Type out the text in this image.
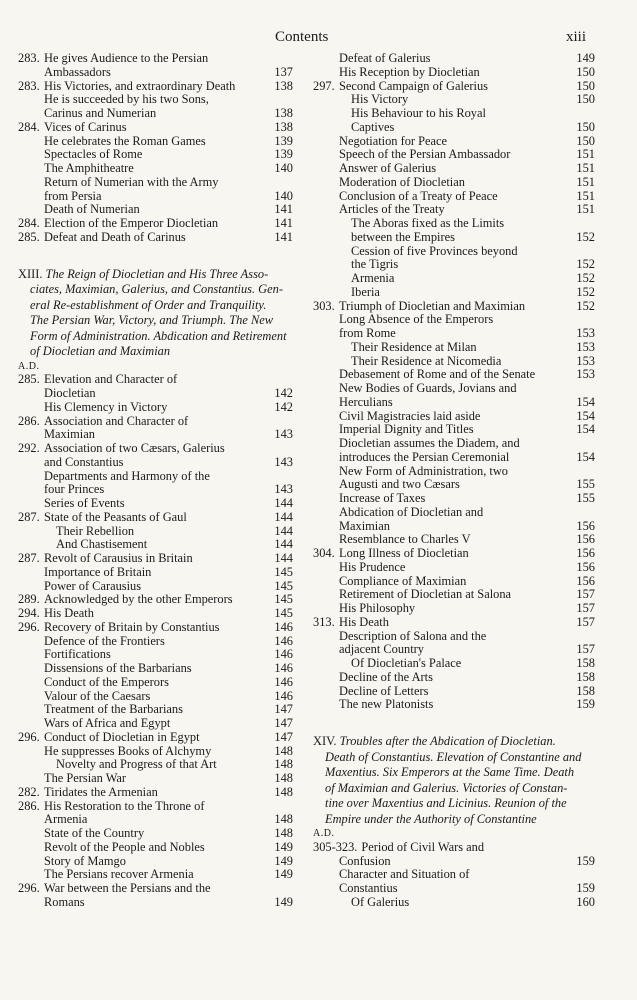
Contents	xiii
283. He gives Audience to the Persian
Ambassadors	137
283. His Victories, and extraordinary Death	138
He is succeeded by his two Sons,
Carinus and Numerian	138
284. Vices of Carinus	138
He celebrates the Roman Games	139
Spectacles of Rome	139
The Amphitheatre	140
Return of Numerian with the Army
from Persia	140
Death of Numerian	141
284. Election of the Emperor Diocletian	141
285. Defeat and Death of Carinus	141
XIII. The Reign of Diocletian and His Three Asso-
ciates, Maximian, Galerius, and Constantius. Gen-
eral Re-establishment of Order and Tranquility.
The Persian War, Victory, and Triumph. The New
Form of Administration. Abdication and Retirement
of Diocletian and Maximian
A.D.
285. Elevation and Character of
Diocletian	142
His Clemency in Victory	142
286. Association and Character of
Maximian	143
292. Association of two Cæsars, Galerius
and Constantius	143
Departments and Harmony of the
four Princes	143
Series of Events	144
287. State of the Peasants of Gaul	144
Their Rebellion	144
And Chastisement	144
287. Revolt of Carausius in Britain	144
Importance of Britain	145
Power of Carausius	145
289. Acknowledged by the other Emperors	145
294. His Death	145
296. Recovery of Britain by Constantius	146
Defence of the Frontiers	146
Fortifications	146
Dissensions of the Barbarians	146
Conduct of the Emperors	146
Valour of the Caesars	146
Treatment of the Barbarians	147
Wars of Africa and Egypt	147
296. Conduct of Diocletian in Egypt	147
He suppresses Books of Alchymy	148
Novelty and Progress of that Art	148
The Persian War	148
282. Tiridates the Armenian	148
286. His Restoration to the Throne of
Armenia	148
State of the Country	148
Revolt of the People and Nobles	149
Story of Mamgo	149
The Persians recover Armenia	149
296. War between the Persians and the
Romans	149
Defeat of Galerius	149
His Reception by Diocletian	150
297. Second Campaign of Galerius	150
His Victory	150
His Behaviour to his Royal
Captives	150
Negotiation for Peace	150
Speech of the Persian Ambassador	151
Answer of Galerius	151
Moderation of Diocletian	151
Conclusion of a Treaty of Peace	151
Articles of the Treaty	151
The Aboras fixed as the Limits
between the Empires	152
Cession of five Provinces beyond
the Tigris	152
Armenia	152
Iberia	152
303. Triumph of Diocletian and Maximian	152
Long Absence of the Emperors
from Rome	153
Their Residence at Milan	153
Their Residence at Nicomedia	153
Debasement of Rome and of the Senate	153
New Bodies of Guards, Jovians and
Herculians	154
Civil Magistracies laid aside	154
Imperial Dignity and Titles	154
Diocletian assumes the Diadem, and
introduces the Persian Ceremonial	154
New Form of Administration, two
Augusti and two Cæsars	155
Increase of Taxes	155
Abdication of Diocletian and
Maximian	156
Resemblance to Charles V	156
304. Long Illness of Diocletian	156
His Prudence	156
Compliance of Maximian	156
Retirement of Diocletian at Salona	157
His Philosophy	157
313. His Death	157
Description of Salona and the
adjacent Country	157
Of Diocletian's Palace	158
Decline of the Arts	158
Decline of Letters	158
The new Platonists	159
XIV. Troubles after the Abdication of Diocletian.
Death of Constantius. Elevation of Constantine and
Maxentius. Six Emperors at the Same Time. Death
of Maximian and Galerius. Victories of Constan-
tine over Maxentius and Licinius. Reunion of the
Empire under the Authority of Constantine
A.D.
305-323. Period of Civil Wars and
Confusion	159
Character and Situation of
Constantius	159
Of Galerius	160
